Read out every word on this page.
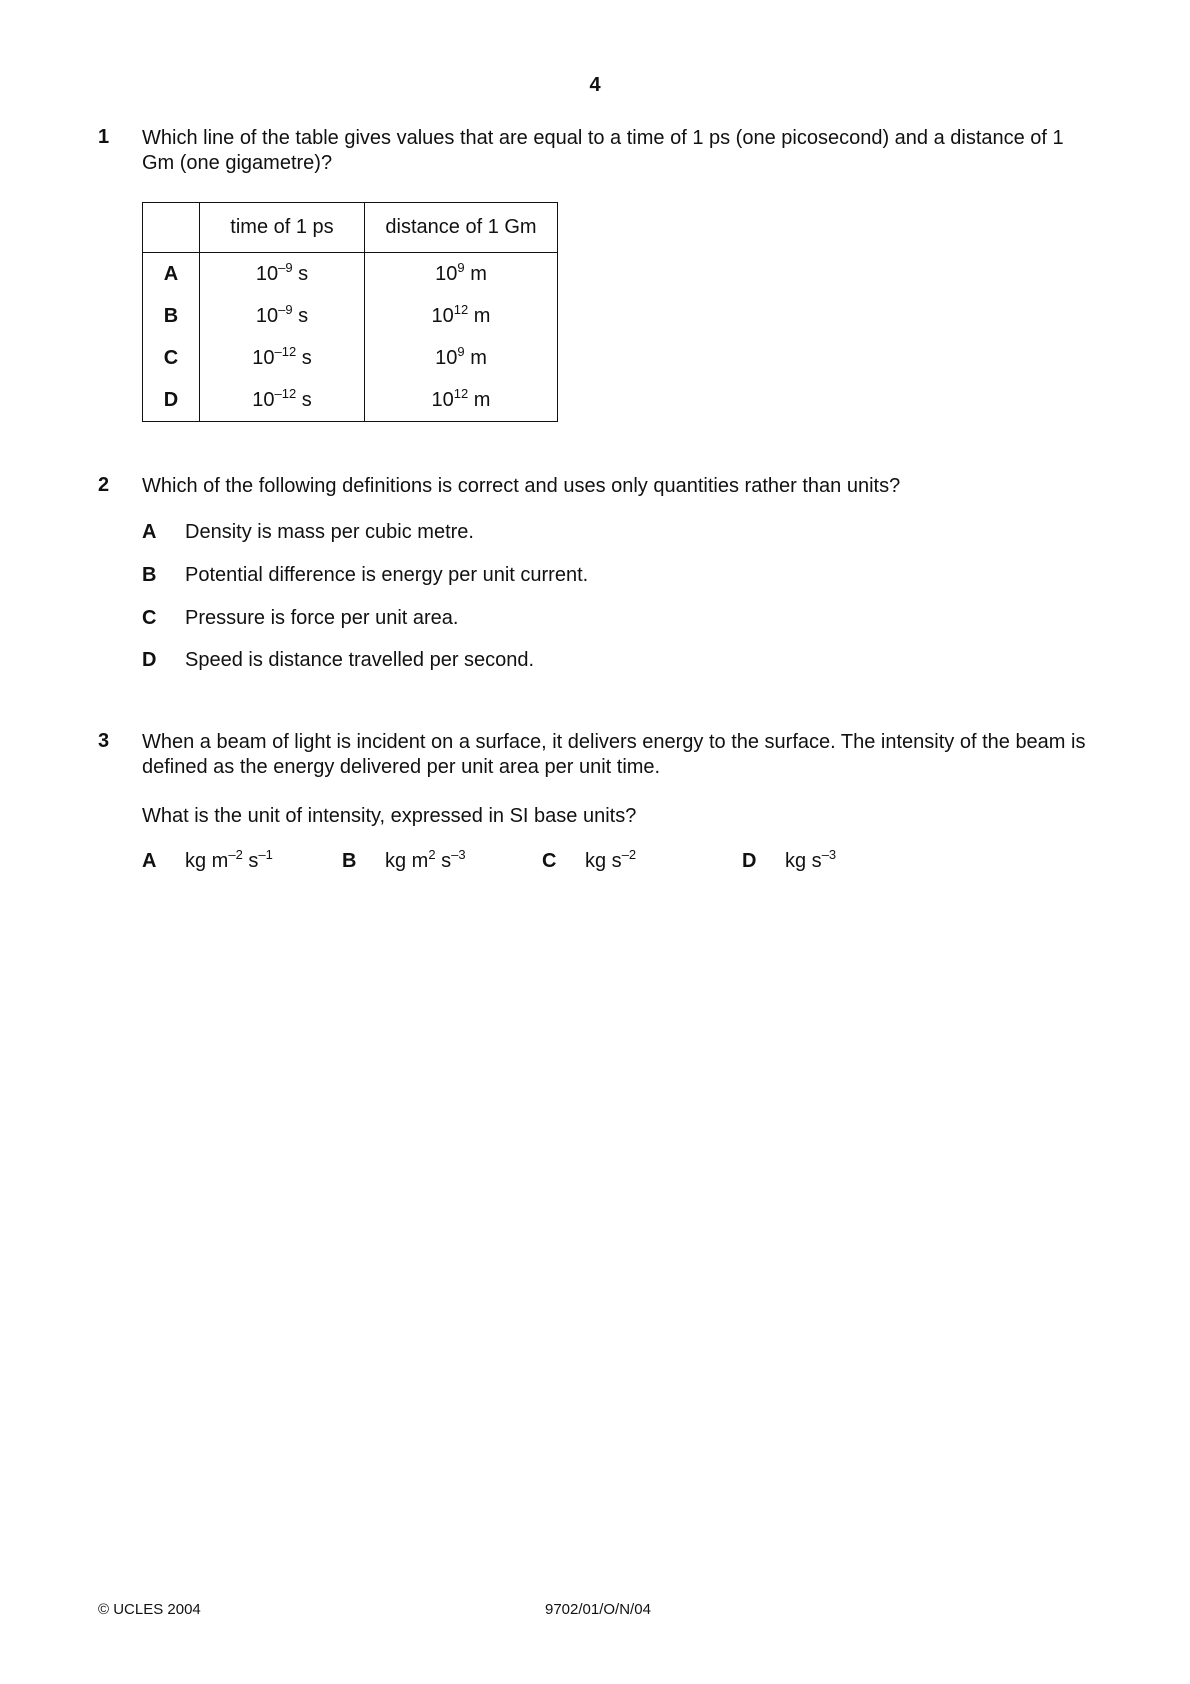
4
1 Which line of the table gives values that are equal to a time of 1 ps (one picosecond) and a distance of 1 Gm (one gigametre)?
	time of 1 ps	distance of 1 Gm
A	$10^{-9}$ s	$10^9$ m
B	$10^{-9}$ s	$10^{12}$ m
C	$10^{-12}$ s	$10^9$ m
D	$10^{-12}$ s	$10^{12}$ m
2 Which of the following definitions is correct and uses only quantities rather than units?
A Density is mass per cubic metre.
B Potential difference is energy per unit current.
C Pressure is force per unit area.
D Speed is distance travelled per second.
3 When a beam of light is incident on a surface, it delivers energy to the surface. The intensity of the beam is defined as the energy delivered per unit area per unit time.
What is the unit of intensity, expressed in SI base units?
A kg $m^{-2}$ $s^{-1}$	B kg $m^2$ $s^{-3}$	C kg $s^{-2}$	D kg $s^{-3}$
© UCLES 2004	9702/01/O/N/04
